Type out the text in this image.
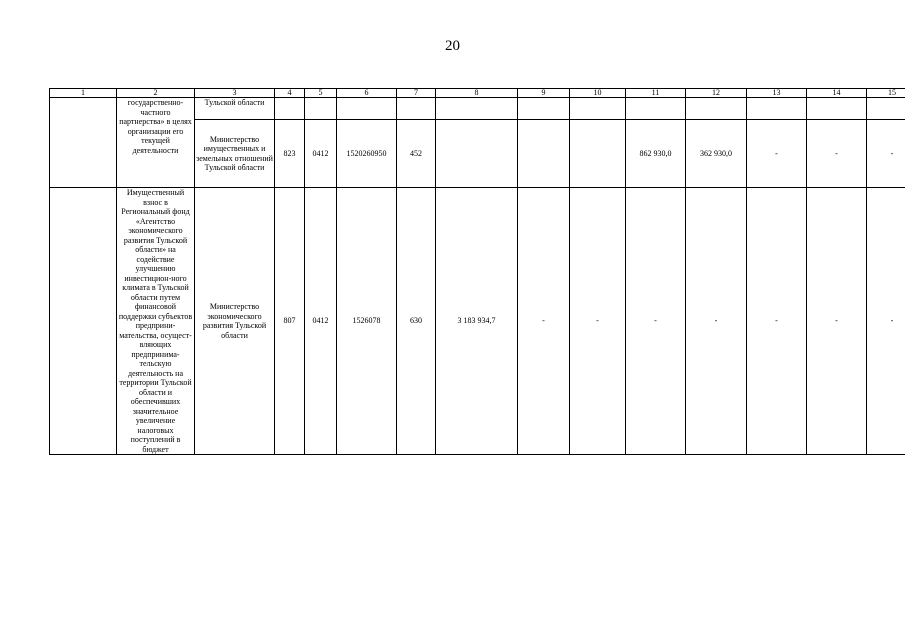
20
1	2	3	4	5	6	7	8	9	10	11	12	13	14	15
	государственно-частного партнерства» в целях организации его текущей деятельности	Тульской области												
		Министерство имущественных и земельных отношений Тульской области	823	0412	1520260950	452				862 930,0	362 930,0	-	-	-
	Имущественный взнос в Региональный фонд «Агентство экономического развития Тульской области» на содействие улучшению инвестицион-ного климата в Тульской области путем финансовой поддержки субъектов предприни-мательства, осущест-вляющих предпринима-тельскую деятельность на территории Тульской области и обеспечивших значительное увеличение налоговых поступлений в бюджет	Министерство экономического развития Тульской области	807	0412	1526078	630	3 183 934,7	-	-	-	-	-	-	-
